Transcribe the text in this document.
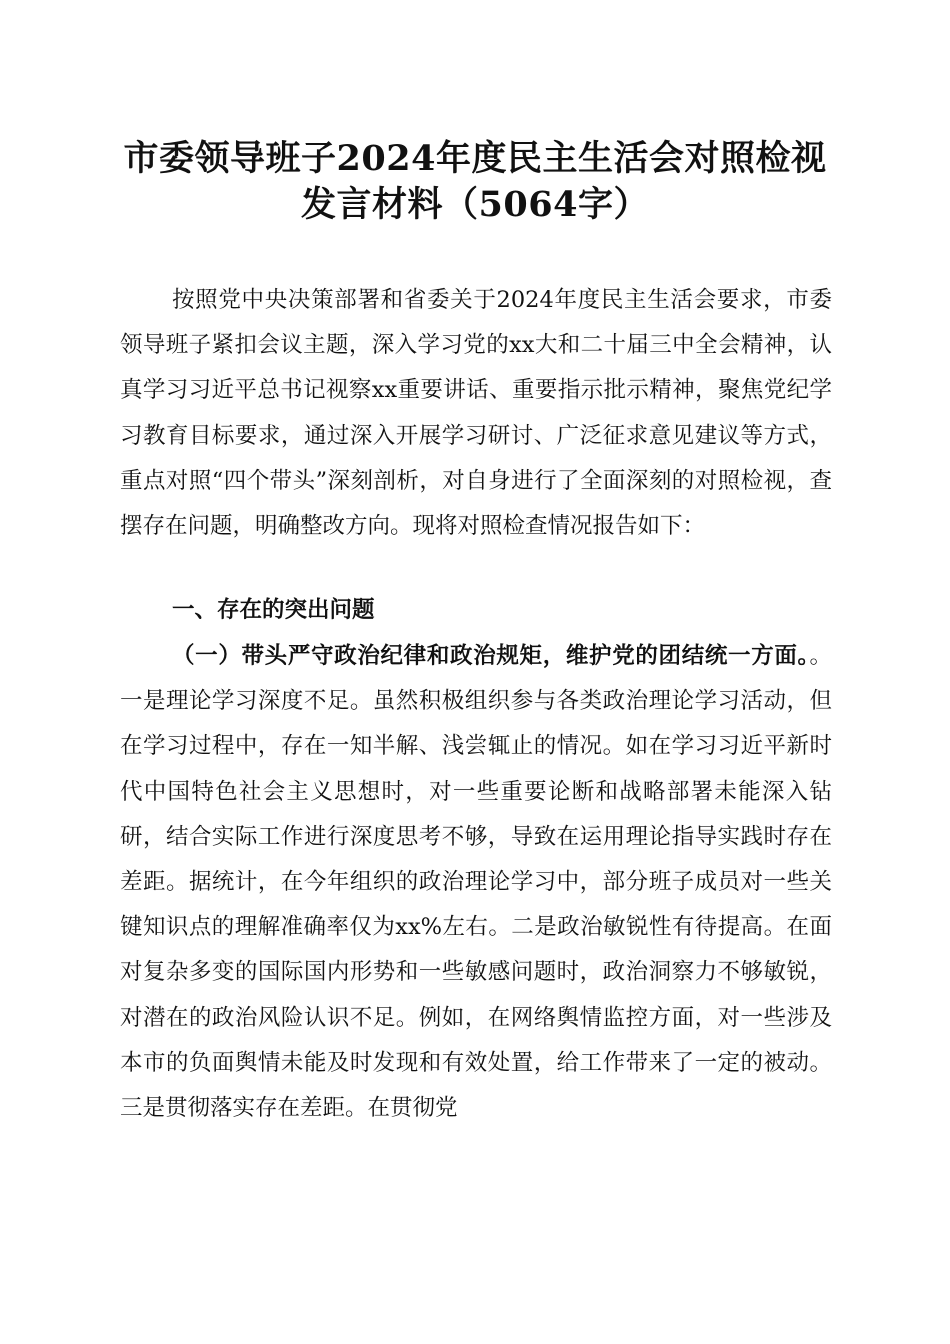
市委领导班子2024年度民主生活会对照检视
发言材料（5064字）

按照党中央决策部署和省委关于2024年度民主生活会要求，市委领导班子紧扣会议主题，深入学习党的xx大和二十届三中全会精神，认真学习习近平总书记视察xx重要讲话、重要指示批示精神，聚焦党纪学习教育目标要求，通过深入开展学习研讨、广泛征求意见建议等方式，重点对照“四个带头”深刻剖析，对自身进行了全面深刻的对照检视，查摆存在问题，明确整改方向。现将对照检查情况报告如下：

一、存在的突出问题

（一）带头严守政治纪律和政治规矩，维护党的团结统一方面。。一是理论学习深度不足。虽然积极组织参与各类政治理论学习活动，但在学习过程中，存在一知半解、浅尝辄止的情况。如在学习习近平新时代中国特色社会主义思想时，对一些重要论断和战略部署未能深入钻研，结合实际工作进行深度思考不够，导致在运用理论指导实践时存在差距。据统计，在今年组织的政治理论学习中，部分班子成员对一些关键知识点的理解准确率仅为xx%左右。二是政治敏锐性有待提高。在面对复杂多变的国际国内形势和一些敏感问题时，政治洞察力不够敏锐，对潜在的政治风险认识不足。例如，在网络舆情监控方面，对一些涉及本市的负面舆情未能及时发现和有效处置，给工作带来了一定的被动。三是贯彻落实存在差距。在贯彻党
